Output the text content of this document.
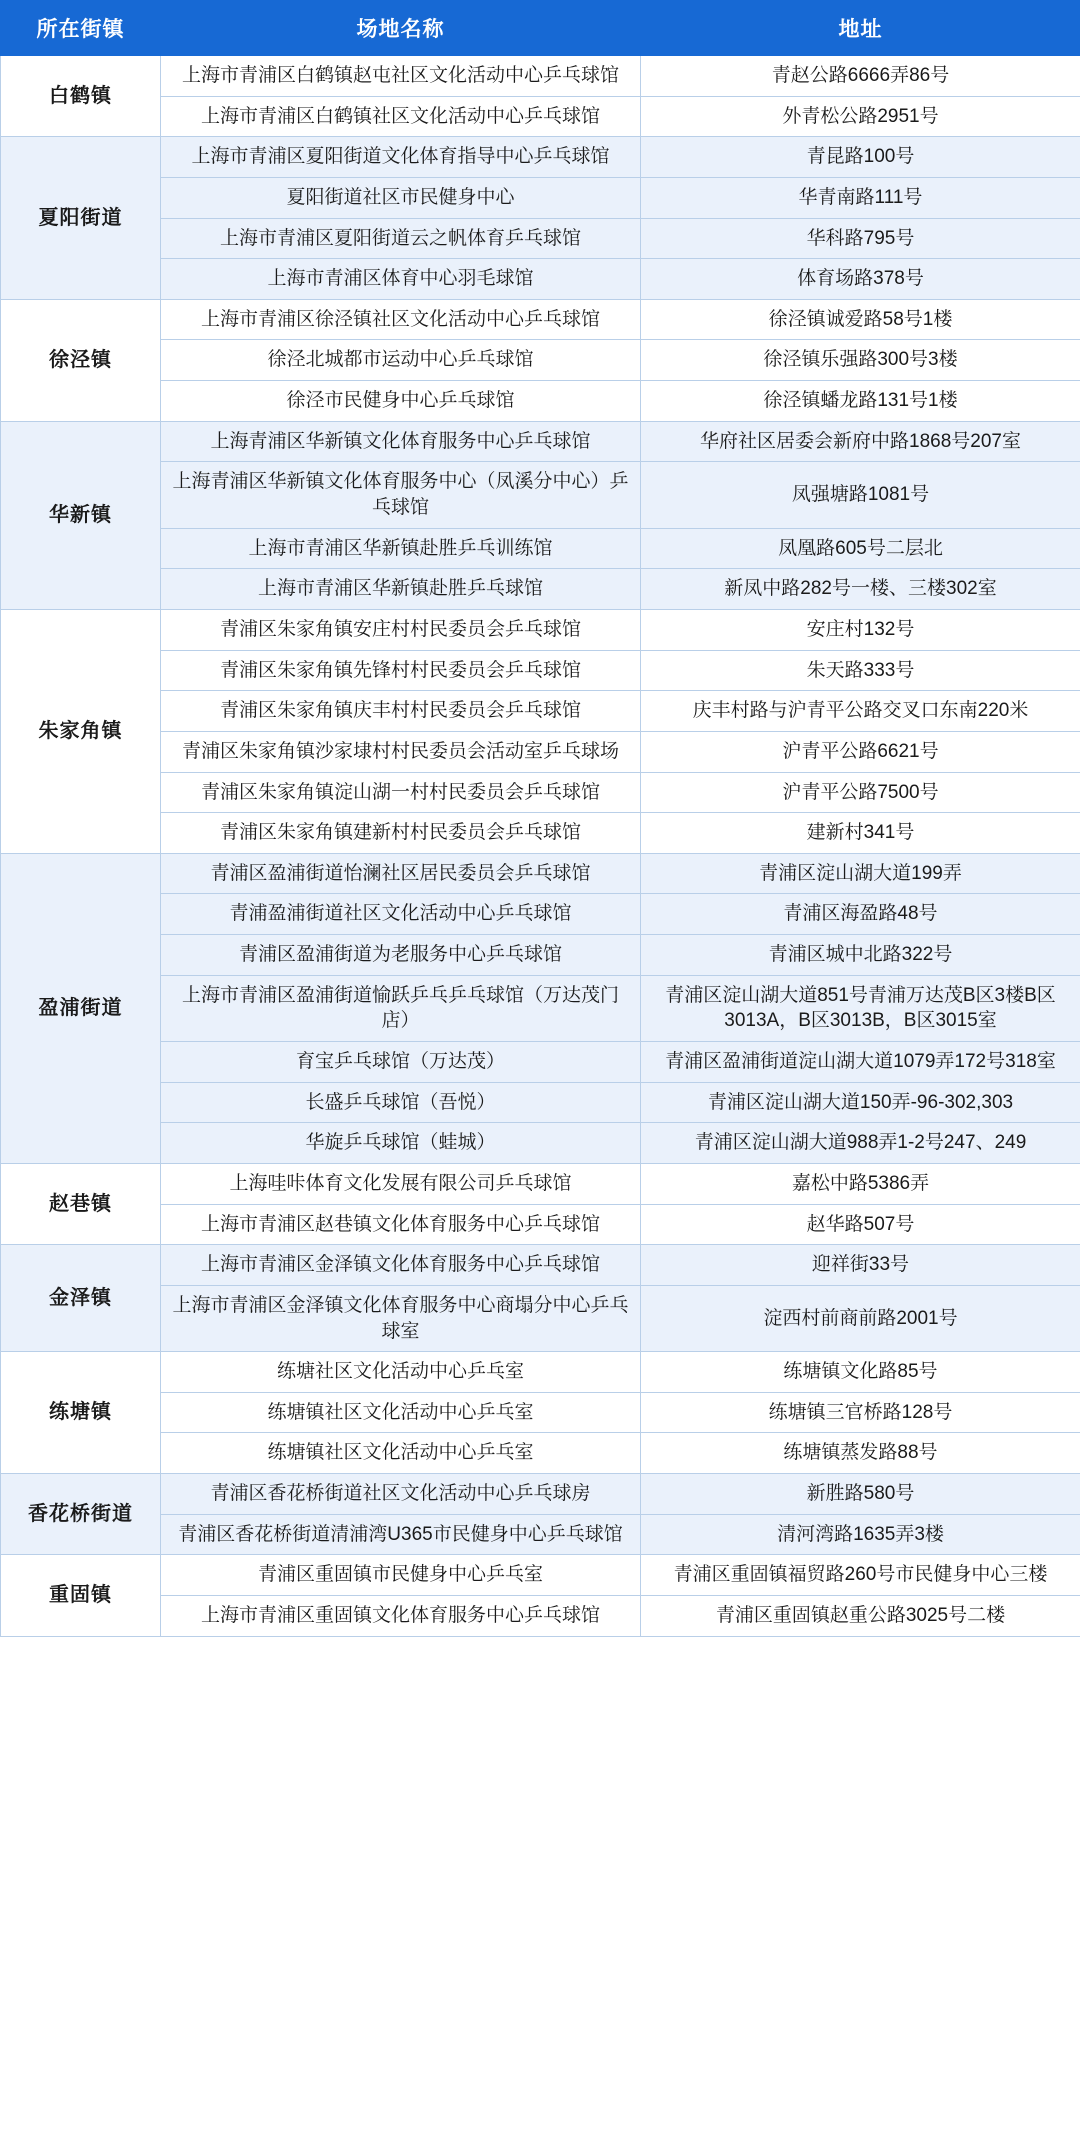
所在街镇	场地名称	地址
白鹤镇	上海市青浦区白鹤镇赵屯社区文化活动中心乒乓球馆	青赵公路6666弄86号
	上海市青浦区白鹤镇社区文化活动中心乒乓球馆	外青松公路2951号
夏阳街道	上海市青浦区夏阳街道文化体育指导中心乒乓球馆	青昆路100号
	夏阳街道社区市民健身中心	华青南路111号
	上海市青浦区夏阳街道云之帆体育乒乓球馆	华科路795号
	上海市青浦区体育中心羽毛球馆	体育场路378号
徐泾镇	上海市青浦区徐泾镇社区文化活动中心乒乓球馆	徐泾镇诚爱路58号1楼
	徐泾北城都市运动中心乒乓球馆	徐泾镇乐强路300号3楼
	徐泾市民健身中心乒乓球馆	徐泾镇蟠龙路131号1楼
华新镇	上海青浦区华新镇文化体育服务中心乒乓球馆	华府社区居委会新府中路1868号207室
	上海青浦区华新镇文化体育服务中心（凤溪分中心）乒乓球馆	凤强塘路1081号
	上海市青浦区华新镇赴胜乒乓训练馆	凤凰路605号二层北
	上海市青浦区华新镇赴胜乒乓球馆	新凤中路282号一楼、三楼302室
朱家角镇	青浦区朱家角镇安庄村村民委员会乒乓球馆	安庄村132号
	青浦区朱家角镇先锋村村民委员会乒乓球馆	朱天路333号
	青浦区朱家角镇庆丰村村民委员会乒乓球馆	庆丰村路与沪青平公路交叉口东南220米
	青浦区朱家角镇沙家埭村村民委员会活动室乒乓球场	沪青平公路6621号
	青浦区朱家角镇淀山湖一村村民委员会乒乓球馆	沪青平公路7500号
	青浦区朱家角镇建新村村民委员会乒乓球馆	建新村341号
盈浦街道	青浦区盈浦街道怡澜社区居民委员会乒乓球馆	青浦区淀山湖大道199弄
	青浦盈浦街道社区文化活动中心乒乓球馆	青浦区海盈路48号
	青浦区盈浦街道为老服务中心乒乓球馆	青浦区城中北路322号
	上海市青浦区盈浦街道愉跃乒乓乒乓球馆（万达茂门店）	青浦区淀山湖大道851号青浦万达茂B区3楼B区3013A，B区3013B，B区3015室
	育宝乒乓球馆（万达茂）	青浦区盈浦街道淀山湖大道1079弄172号318室
	长盛乒乓球馆（吾悦）	青浦区淀山湖大道150弄-96-302,303
	华旋乒乓球馆（蛙城）	青浦区淀山湖大道988弄1-2号247、249
赵巷镇	上海哇咔体育文化发展有限公司乒乓球馆	嘉松中路5386弄
	上海市青浦区赵巷镇文化体育服务中心乒乓球馆	赵华路507号
金泽镇	上海市青浦区金泽镇文化体育服务中心乒乓球馆	迎祥街33号
	上海市青浦区金泽镇文化体育服务中心商塌分中心乒乓球室	淀西村前商前路2001号
练塘镇	练塘社区文化活动中心乒乓室	练塘镇文化路85号
	练塘镇社区文化活动中心乒乓室	练塘镇三官桥路128号
	练塘镇社区文化活动中心乒乓室	练塘镇蒸发路88号
香花桥街道	青浦区香花桥街道社区文化活动中心乒乓球房	新胜路580号
	青浦区香花桥街道清浦湾U365市民健身中心乒乓球馆	清河湾路1635弄3楼
重固镇	青浦区重固镇市民健身中心乒乓室	青浦区重固镇福贸路260号市民健身中心三楼
	上海市青浦区重固镇文化体育服务中心乒乓球馆	青浦区重固镇赵重公路3025号二楼
